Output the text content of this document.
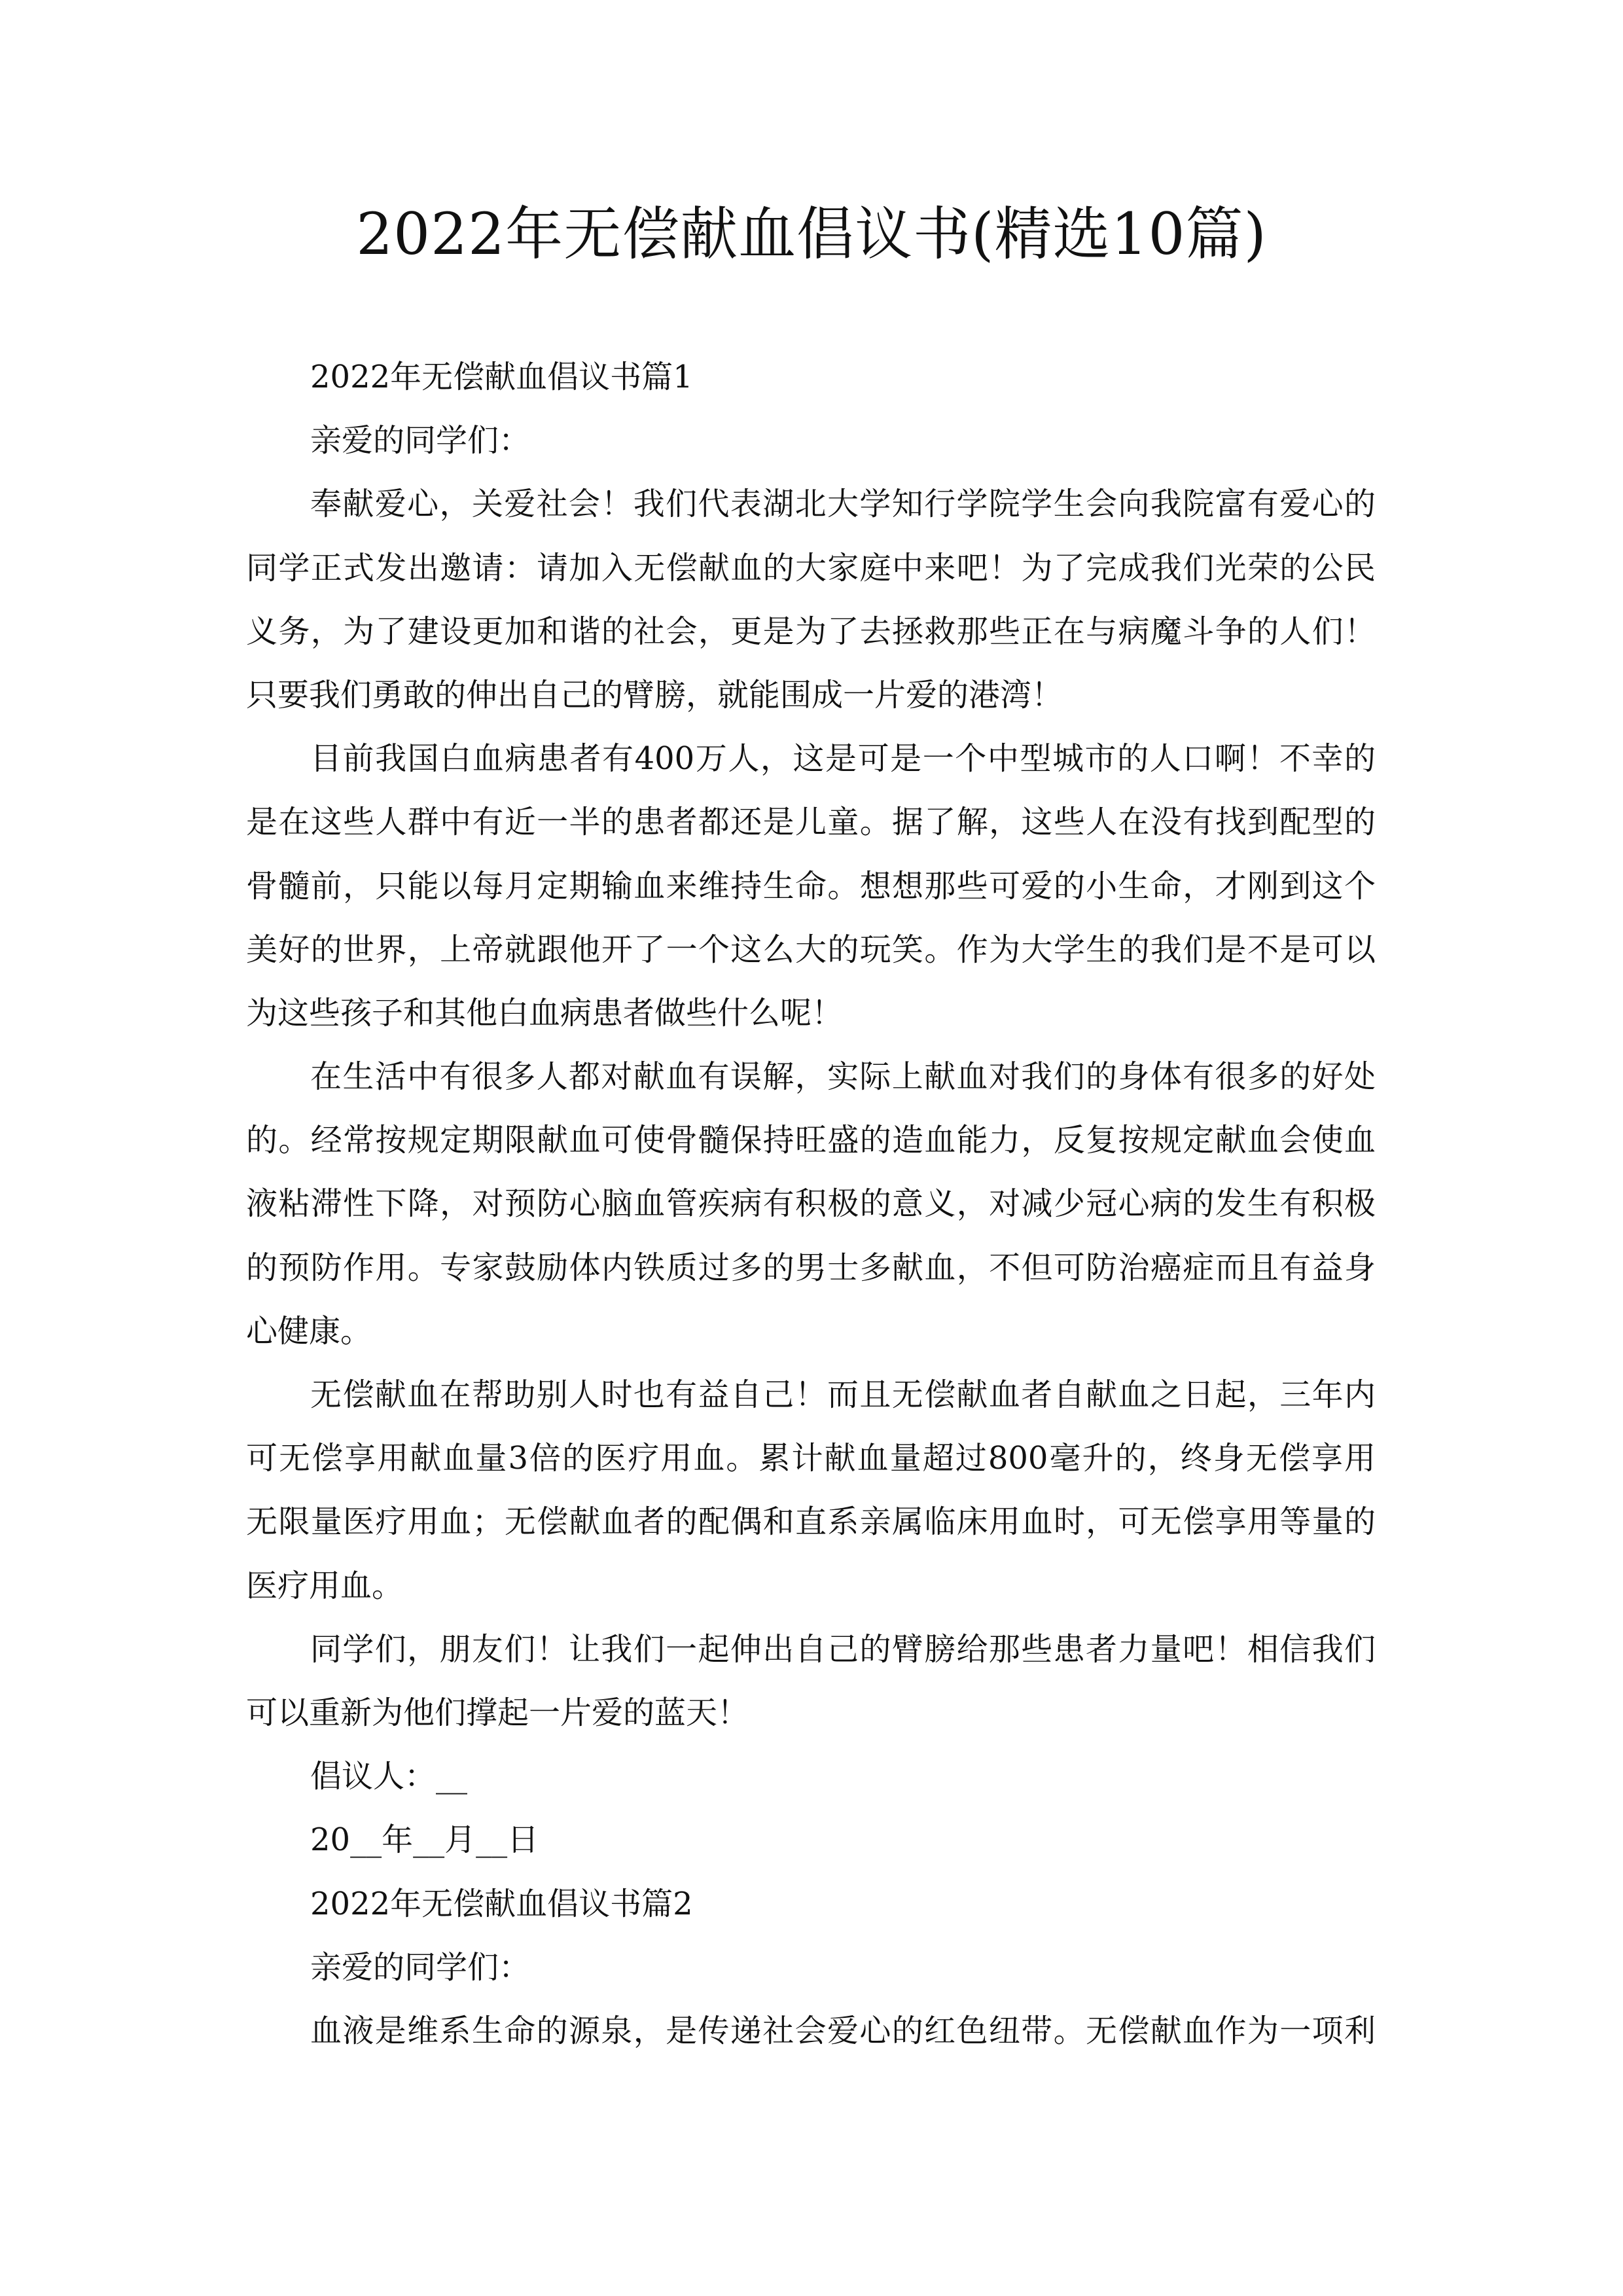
2022年无偿献血倡议书(精选10篇)
2022年无偿献血倡议书篇1
亲爱的同学们：
奉献爱心，关爱社会！我们代表湖北大学知行学院学生会向我院富有爱心的
同学正式发出邀请：请加入无偿献血的大家庭中来吧！为了完成我们光荣的公民
义务，为了建设更加和谐的社会，更是为了去拯救那些正在与病魔斗争的人们！
只要我们勇敢的伸出自己的臂膀，就能围成一片爱的港湾！
目前我国白血病患者有400万人，这是可是一个中型城市的人口啊！不幸的
是在这些人群中有近一半的患者都还是儿童。据了解，这些人在没有找到配型的
骨髓前，只能以每月定期输血来维持生命。想想那些可爱的小生命，才刚到这个
美好的世界，上帝就跟他开了一个这么大的玩笑。作为大学生的我们是不是可以
为这些孩子和其他白血病患者做些什么呢！
在生活中有很多人都对献血有误解，实际上献血对我们的身体有很多的好处
的。经常按规定期限献血可使骨髓保持旺盛的造血能力，反复按规定献血会使血
液粘滞性下降，对预防心脑血管疾病有积极的意义，对减少冠心病的发生有积极
的预防作用。专家鼓励体内铁质过多的男士多献血，不但可防治癌症而且有益身
心健康。
无偿献血在帮助别人时也有益自己！而且无偿献血者自献血之日起，三年内
可无偿享用献血量3倍的医疗用血。累计献血量超过800毫升的，终身无偿享用
无限量医疗用血；无偿献血者的配偶和直系亲属临床用血时，可无偿享用等量的
医疗用血。
同学们，朋友们！让我们一起伸出自己的臂膀给那些患者力量吧！相信我们
可以重新为他们撑起一片爱的蓝天！
倡议人：__
20__年__月__日
2022年无偿献血倡议书篇2
亲爱的同学们：
血液是维系生命的源泉，是传递社会爱心的红色纽带。无偿献血作为一项利
